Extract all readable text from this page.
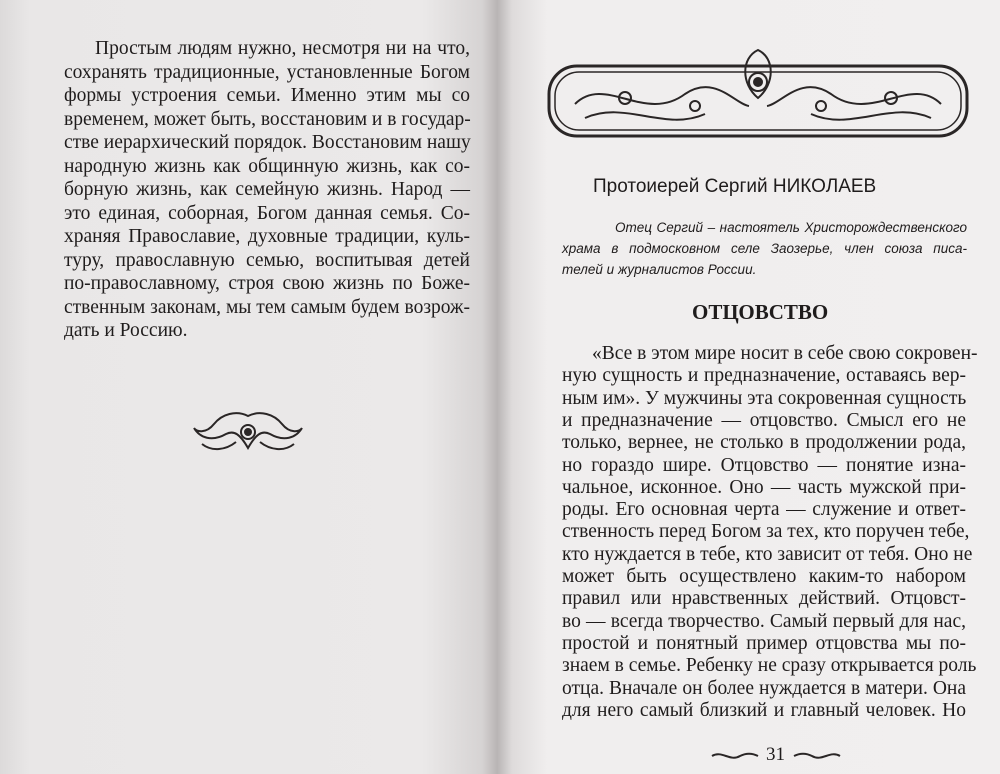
Простым людям нужно, несмотря ни на что,
сохранять традиционные, установленные Богом
формы устроения семьи. Именно этим мы со
временем, может быть, восстановим и в государ-
стве иерархический порядок. Восстановим нашу
народную жизнь как общинную жизнь, как со-
борную жизнь, как семейную жизнь. Народ —
это единая, соборная, Богом данная семья. Со-
храняя Православие, духовные традиции, куль-
туру, православную семью, воспитывая детей
по-православному, строя свою жизнь по Боже-
ственным законам, мы тем самым будем возрож-
дать и Россию.
Протоиерей Сергий НИКОЛАЕВ
Отец Сергий – настоятель Христорождественского
храма в подмосковном селе Заозерье, член союза писа-
телей и журналистов России.
ОТЦОВСТВО
«Все в этом мире носит в себе свою сокровен-
ную сущность и предназначение, оставаясь вер-
ным им». У мужчины эта сокровенная сущность
и предназначение — отцовство. Смысл его не
только, вернее, не столько в продолжении рода,
но гораздо шире. Отцовство — понятие изна-
чальное, исконное. Оно — часть мужской при-
роды. Его основная черта — служение и ответ-
ственность перед Богом за тех, кто поручен тебе,
кто нуждается в тебе, кто зависит от тебя. Оно не
может быть осуществлено каким-то набором
правил или нравственных действий. Отцовст-
во — всегда творчество. Самый первый для нас,
простой и понятный пример отцовства мы по-
знаем в семье. Ребенку не сразу открывается роль
отца. Вначале он более нуждается в матери. Она
для него самый близкий и главный человек. Но
31
